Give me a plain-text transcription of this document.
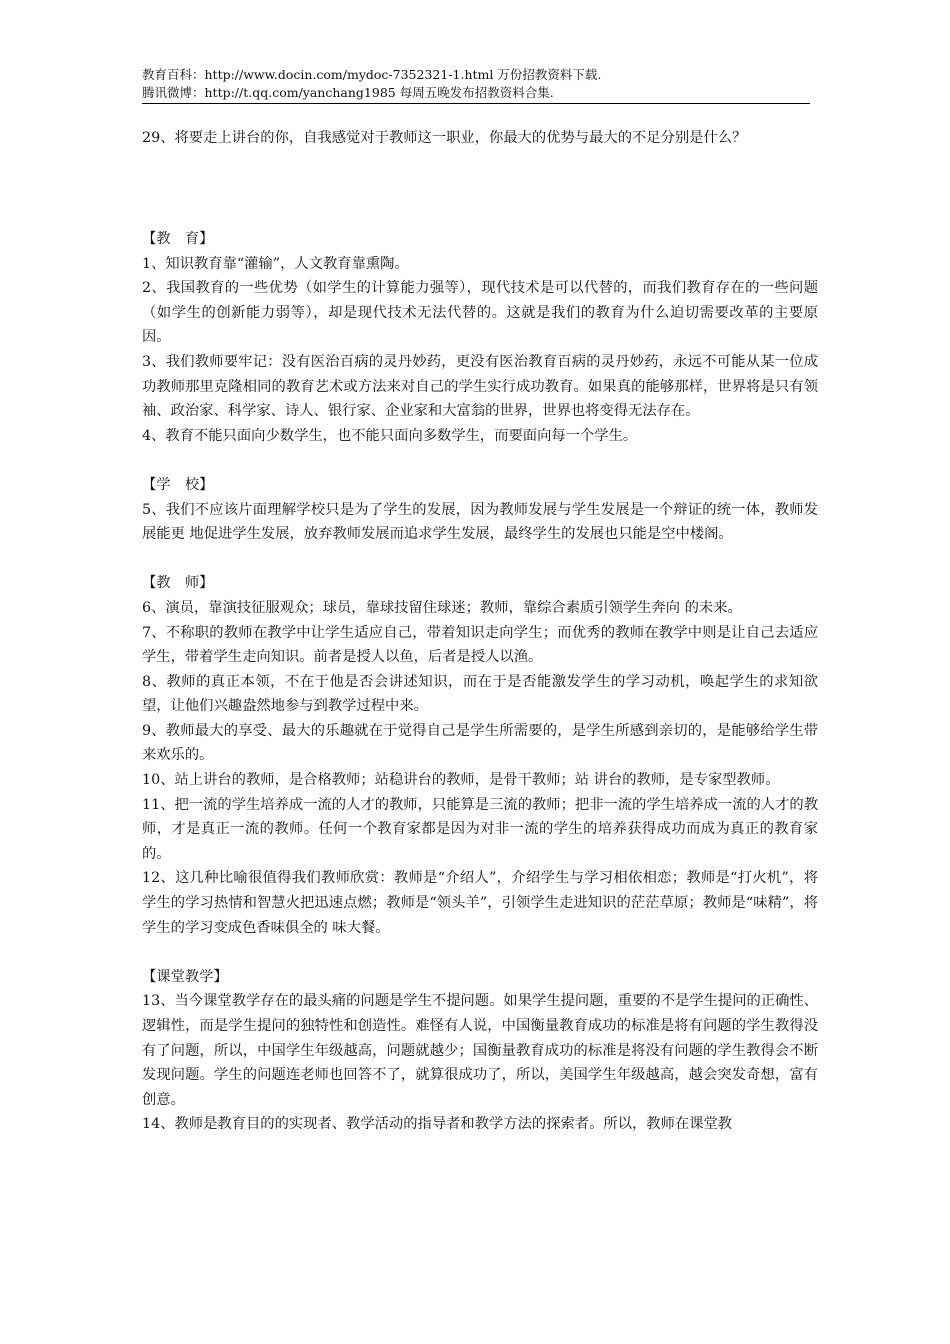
教育百科：http://www.docin.com/mydoc-7352321-1.html 万份招教资料下载.
腾讯微博：http://t.qq.com/yanchang1985 每周五晚发布招教资料合集.
29、将要走上讲台的你，自我感觉对于教师这一职业，你最大的优势与最大的不足分别是什么？
【教　育】

1、知识教育靠“灌输”，人文教育靠熏陶。

2、我国教育的一些优势（如学生的计算能力强等），现代技术是可以代替的，而我们教育存在的一些问题（如学生的创新能力弱等），却是现代技术无法代替的。这就是我们的教育为什么迫切需要改革的主要原因。

3、我们教师要牢记：没有医治百病的灵丹妙药，更没有医治教育百病的灵丹妙药，永远不可能从某一位成功教师那里克隆相同的教育艺术或方法来对自己的学生实行成功教育。如果真的能够那样，世界将是只有领袖、政治家、科学家、诗人、银行家、企业家和大富翁的世界，世界也将变得无法存在。

4、教育不能只面向少数学生，也不能只面向多数学生，而要面向每一个学生。

【学　校】

5、我们不应该片面理解学校只是为了学生的发展，因为教师发展与学生发展是一个辩证的统一体，教师发展能更 地促进学生发展，放弃教师发展而追求学生发展，最终学生的发展也只能是空中楼阁。

【教　师】

6、演员，靠演技征服观众；球员，靠球技留住球迷；教师，靠综合素质引领学生奔向 的未来。

7、不称职的教师在教学中让学生适应自己，带着知识走向学生；而优秀的教师在教学中则是让自己去适应学生，带着学生走向知识。前者是授人以鱼，后者是授人以渔。

8、教师的真正本领，不在于他是否会讲述知识，而在于是否能激发学生的学习动机，唤起学生的求知欲望，让他们兴趣盎然地参与到教学过程中来。

9、教师最大的享受、最大的乐趣就在于觉得自己是学生所需要的，是学生所感到亲切的，是能够给学生带来欢乐的。

10、站上讲台的教师，是合格教师；站稳讲台的教师，是骨干教师；站 讲台的教师，是专家型教师。

11、把一流的学生培养成一流的人才的教师，只能算是三流的教师；把非一流的学生培养成一流的人才的教师，才是真正一流的教师。任何一个教育家都是因为对非一流的学生的培养获得成功而成为真正的教育家的。

12、这几种比喻很值得我们教师欣赏：教师是“介绍人”，介绍学生与学习相依相恋；教师是“打火机”，将学生的学习热情和智慧火把迅速点燃；教师是“领头羊”，引领学生走进知识的茫茫草原；教师是“味精”，将学生的学习变成色香味俱全的 味大餐。

【课堂教学】

13、当今课堂教学存在的最头痛的问题是学生不提问题。如果学生提问题，重要的不是学生提问的正确性、逻辑性，而是学生提问的独特性和创造性。难怪有人说，中国衡量教育成功的标准是将有问题的学生教得没有了问题，所以，中国学生年级越高，问题就越少；国衡量教育成功的标准是将没有问题的学生教得会不断发现问题。学生的问题连老师也回答不了，就算很成功了，所以，美国学生年级越高，越会突发奇想，富有创意。

14、教师是教育目的的实现者、教学活动的指导者和教学方法的探索者。所以，教师在课堂教
